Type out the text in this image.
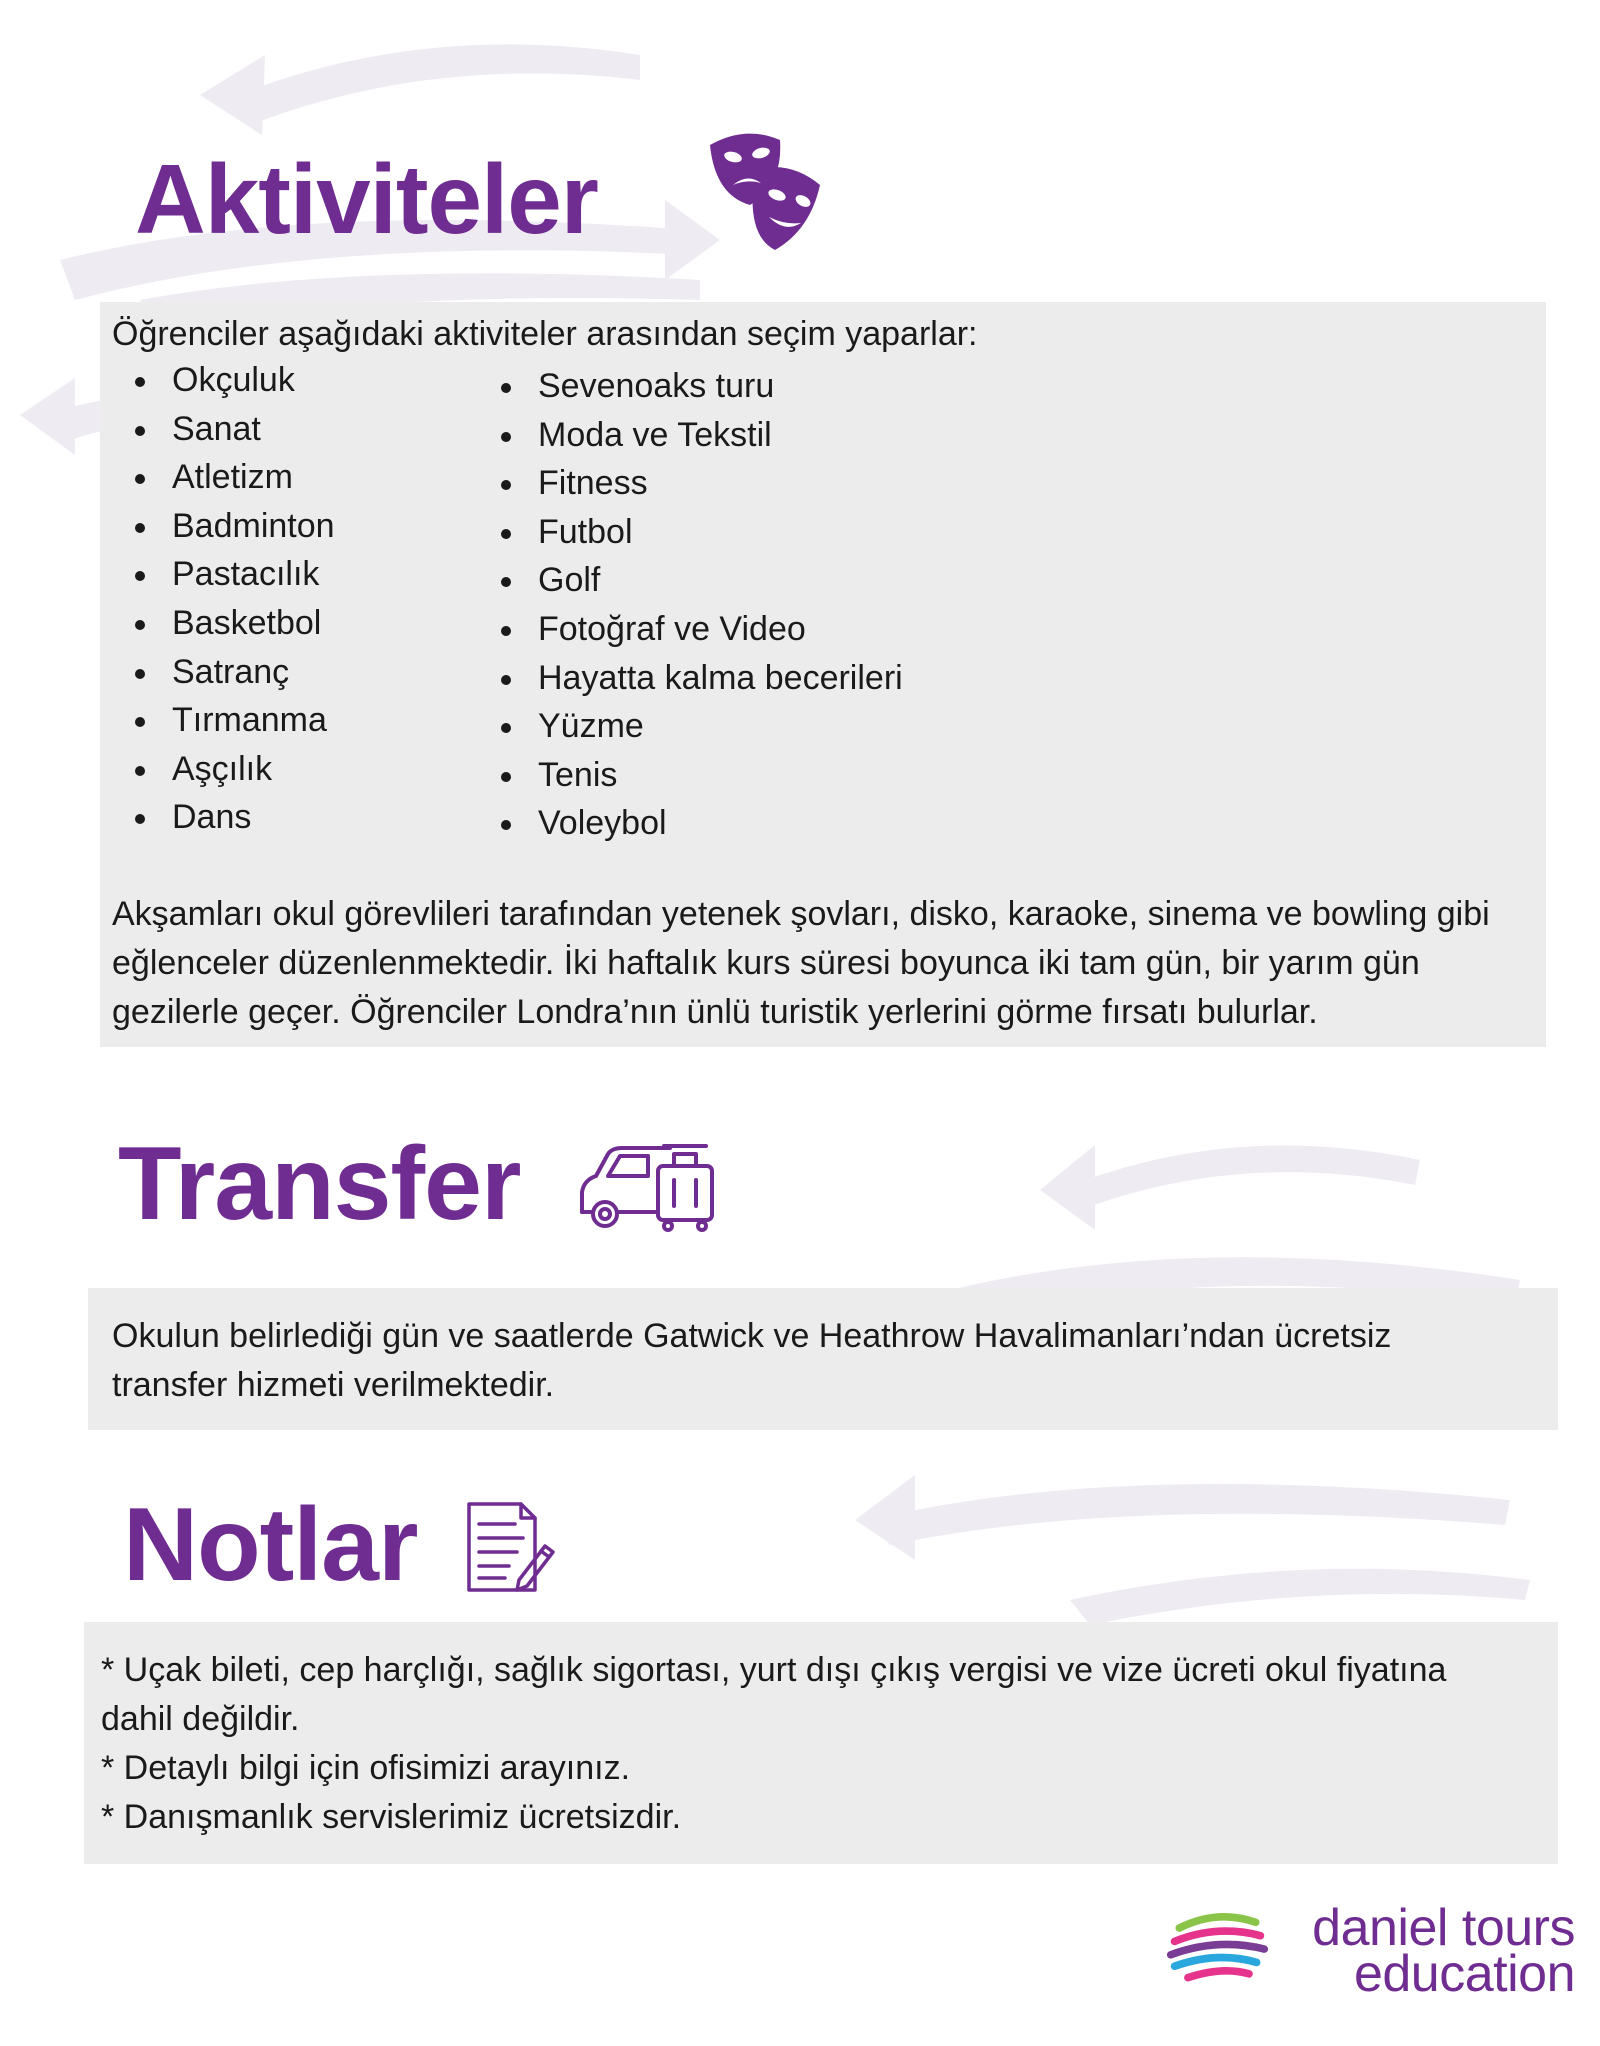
Aktiviteler

Öğrenciler aşağıdaki aktiviteler arasından seçim yaparlar:

Okçuluk
Sanat
Atletizm
Badminton
Pastacılık
Basketbol
Satranç
Tırmanma
Aşçılık
Dans
Sevenoaks turu
Moda ve Tekstil
Fitness
Futbol
Golf
Fotoğraf ve Video
Hayatta kalma becerileri
Yüzme
Tenis
Voleybol

Akşamları okul görevlileri tarafından yetenek şovları, disko, karaoke, sinema ve bowling gibi

eğlenceler düzenlenmektedir. İki haftalık kurs süresi boyunca iki tam gün, bir yarım gün

gezilerle geçer. Öğrenciler Londra’nın ünlü turistik yerlerini görme fırsatı bulurlar.

Transfer

Okulun belirlediği gün ve saatlerde Gatwick ve Heathrow Havalimanları’ndan ücretsiz

transfer hizmeti verilmektedir.

Notlar

* Uçak bileti, cep harçlığı, sağlık sigortası, yurt dışı çıkış vergisi ve vize ücreti okul fiyatına

dahil değildir.

* Detaylı bilgi için ofisimizi arayınız.

* Danışmanlık servislerimiz ücretsizdir.

daniel tours
education
